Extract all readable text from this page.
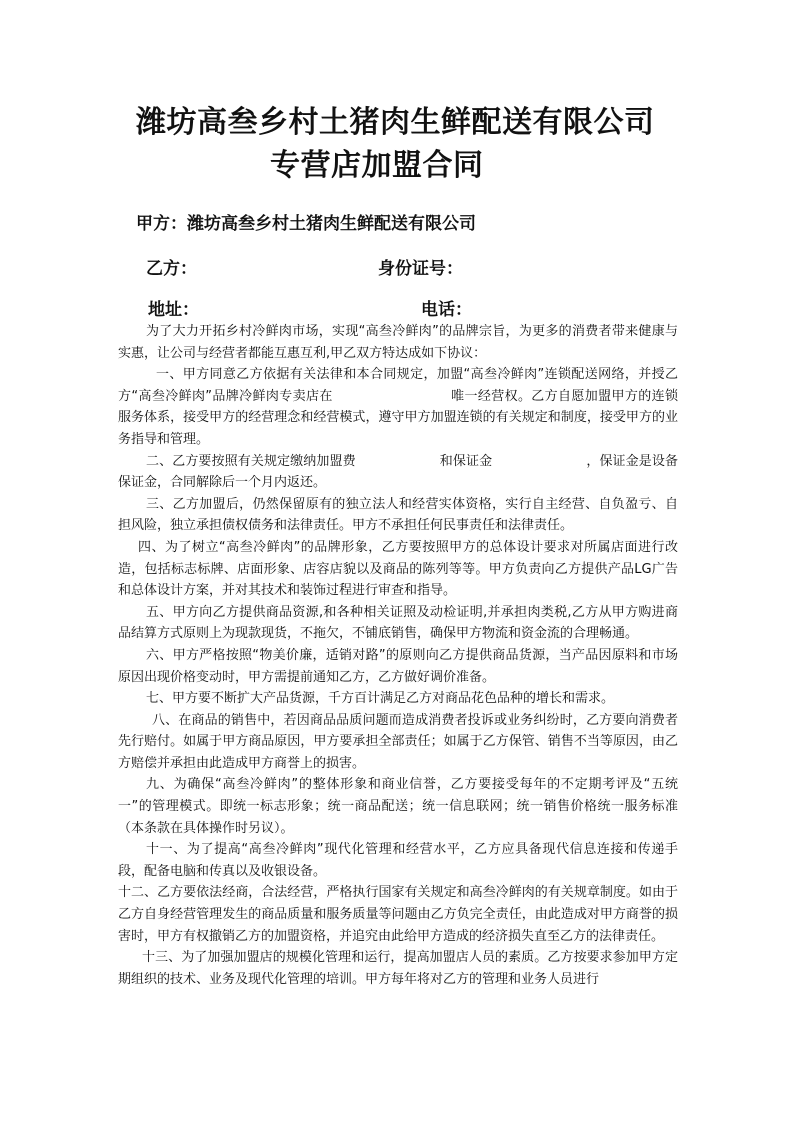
潍坊高叁乡村土猪肉生鲜配送有限公司
专营店加盟合同
甲方：潍坊高叁乡村土猪肉生鲜配送有限公司
乙方：	身份证号：
地址：	电话：

为了大力开拓乡村冷鲜肉市场，实现“高叁冷鲜肉”的品牌宗旨，为更多的消费者带来健康与实惠，让公司与经营者都能互惠互利,甲乙双方特达成如下协议：

一、甲方同意乙方依据有关法律和本合同规定，加盟“高叁冷鲜肉”连锁配送网络，并授乙方“高叁冷鲜肉”品牌冷鲜肉专卖店在	唯一经营权。乙方自愿加盟甲方的连锁服务体系，接受甲方的经营理念和经营模式，遵守甲方加盟连锁的有关规定和制度，接受甲方的业务指导和管理。

二、乙方要按照有关规定缴纳加盟费	和保证金	，保证金是设备保证金，合同解除后一个月内返还。

三、乙方加盟后，仍然保留原有的独立法人和经营实体资格，实行自主经营、自负盈亏、自担风险，独立承担债权债务和法律责任。甲方不承担任何民事责任和法律责任。

四、为了树立“高叁冷鲜肉”的品牌形象，乙方要按照甲方的总体设计要求对所属店面进行改造，包括标志标牌、店面形象、店容店貌以及商品的陈列等等。甲方负责向乙方提供产品LG广告和总体设计方案，并对其技术和装饰过程进行审查和指导。

五、甲方向乙方提供商品资源,和各种相关证照及动检证明,并承担肉类税,乙方从甲方购进商品结算方式原则上为现款现货，不拖欠，不铺底销售，确保甲方物流和资金流的合理畅通。

六、甲方严格按照“物美价廉，适销对路”的原则向乙方提供商品货源，当产品因原料和市场原因出现价格变动时，甲方需提前通知乙方，乙方做好调价准备。

七、甲方要不断扩大产品货源，千方百计满足乙方对商品花色品种的增长和需求。

八、在商品的销售中，若因商品品质问题而造成消费者投诉或业务纠纷时，乙方要向消费者先行赔付。如属于甲方商品原因，甲方要承担全部责任；如属于乙方保管、销售不当等原因，由乙方赔偿并承担由此造成甲方商誉上的损害。

九、为确保“高叁冷鲜肉”的整体形象和商业信誉，乙方要接受每年的不定期考评及“五统一”的管理模式。即统一标志形象；统一商品配送；统一信息联网；统一销售价格统一服务标准（本条款在具体操作时另议）。

十一、为了提高“高叁冷鲜肉”现代化管理和经营水平，乙方应具备现代信息连接和传递手段，配备电脑和传真以及收银设备。

十二、乙方要依法经商，合法经营，严格执行国家有关规定和高叁冷鲜肉的有关规章制度。如由于乙方自身经营管理发生的商品质量和服务质量等问题由乙方负完全责任，由此造成对甲方商誉的损害时，甲方有权撤销乙方的加盟资格，并追究由此给甲方造成的经济损失直至乙方的法律责任。

十三、为了加强加盟店的规模化管理和运行，提高加盟店人员的素质。乙方按要求参加甲方定期组织的技术、业务及现代化管理的培训。甲方每年将对乙方的管理和业务人员进行
